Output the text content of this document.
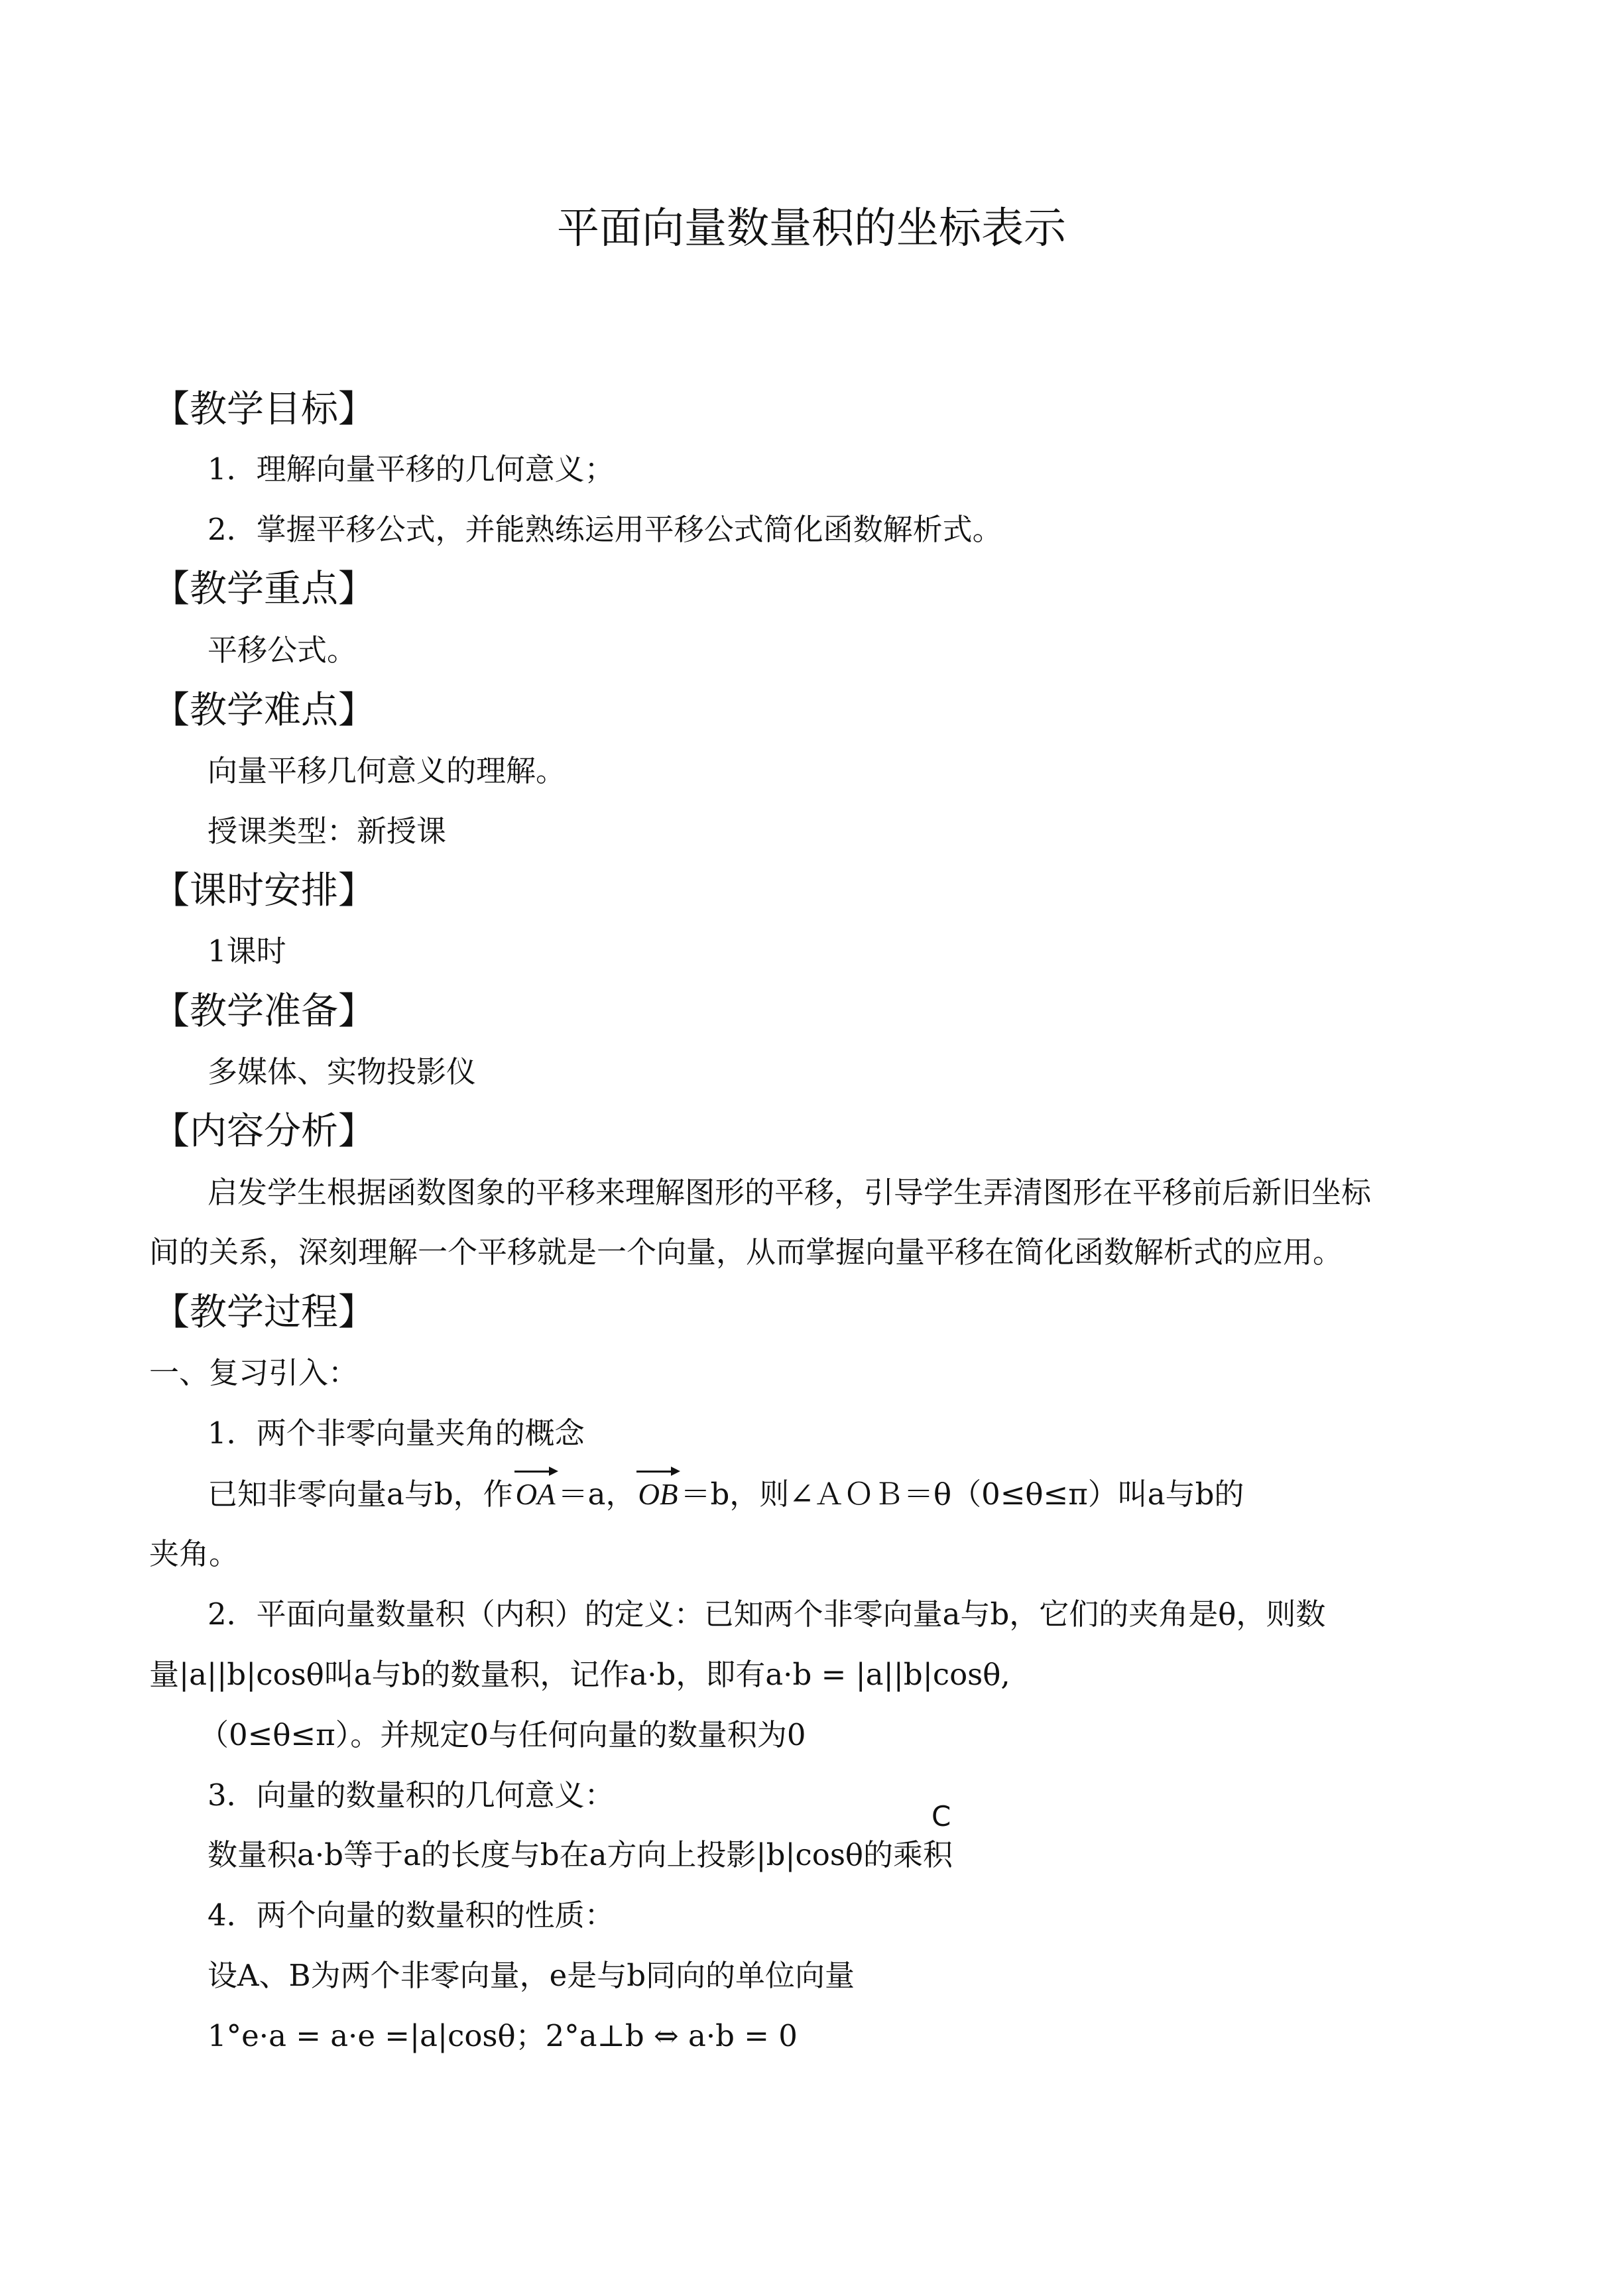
平面向量数量积的坐标表示
【教学目标】
1．理解向量平移的几何意义；
2．掌握平移公式，并能熟练运用平移公式简化函数解析式。
【教学重点】
平移公式。
【教学难点】
向量平移几何意义的理解。
授课类型：新授课
【课时安排】
1课时
【教学准备】
多媒体、实物投影仪
【内容分析】
启发学生根据函数图象的平移来理解图形的平移，引导学生弄清图形在平移前后新旧坐标
间的关系，深刻理解一个平移就是一个向量，从而掌握向量平移在简化函数解析式的应用。
【教学过程】
一、复习引入：
1．两个非零向量夹角的概念
已知非零向量a与b，作
OA＝a，
OB＝b，则∠ＡＯＢ＝θ（0≤θ≤π）叫a与b的
夹角。
2．平面向量数量积（内积）的定义：已知两个非零向量a与b，它们的夹角是θ，则数
量|a||b|cosθ叫a与b的数量积，记作a·b，即有a·b = |a||b|cosθ,
（0≤θ≤π）。并规定0与任何向量的数量积为0
3．向量的数量积的几何意义：
C
数量积a·b等于a的长度与b在a方向上投影|b|cosθ的乘积
4．两个向量的数量积的性质：
设A、B为两个非零向量，e是与b同向的单位向量
1°e·a = a·e =|a|cosθ；2°a⊥b ⇔ a·b = 0
